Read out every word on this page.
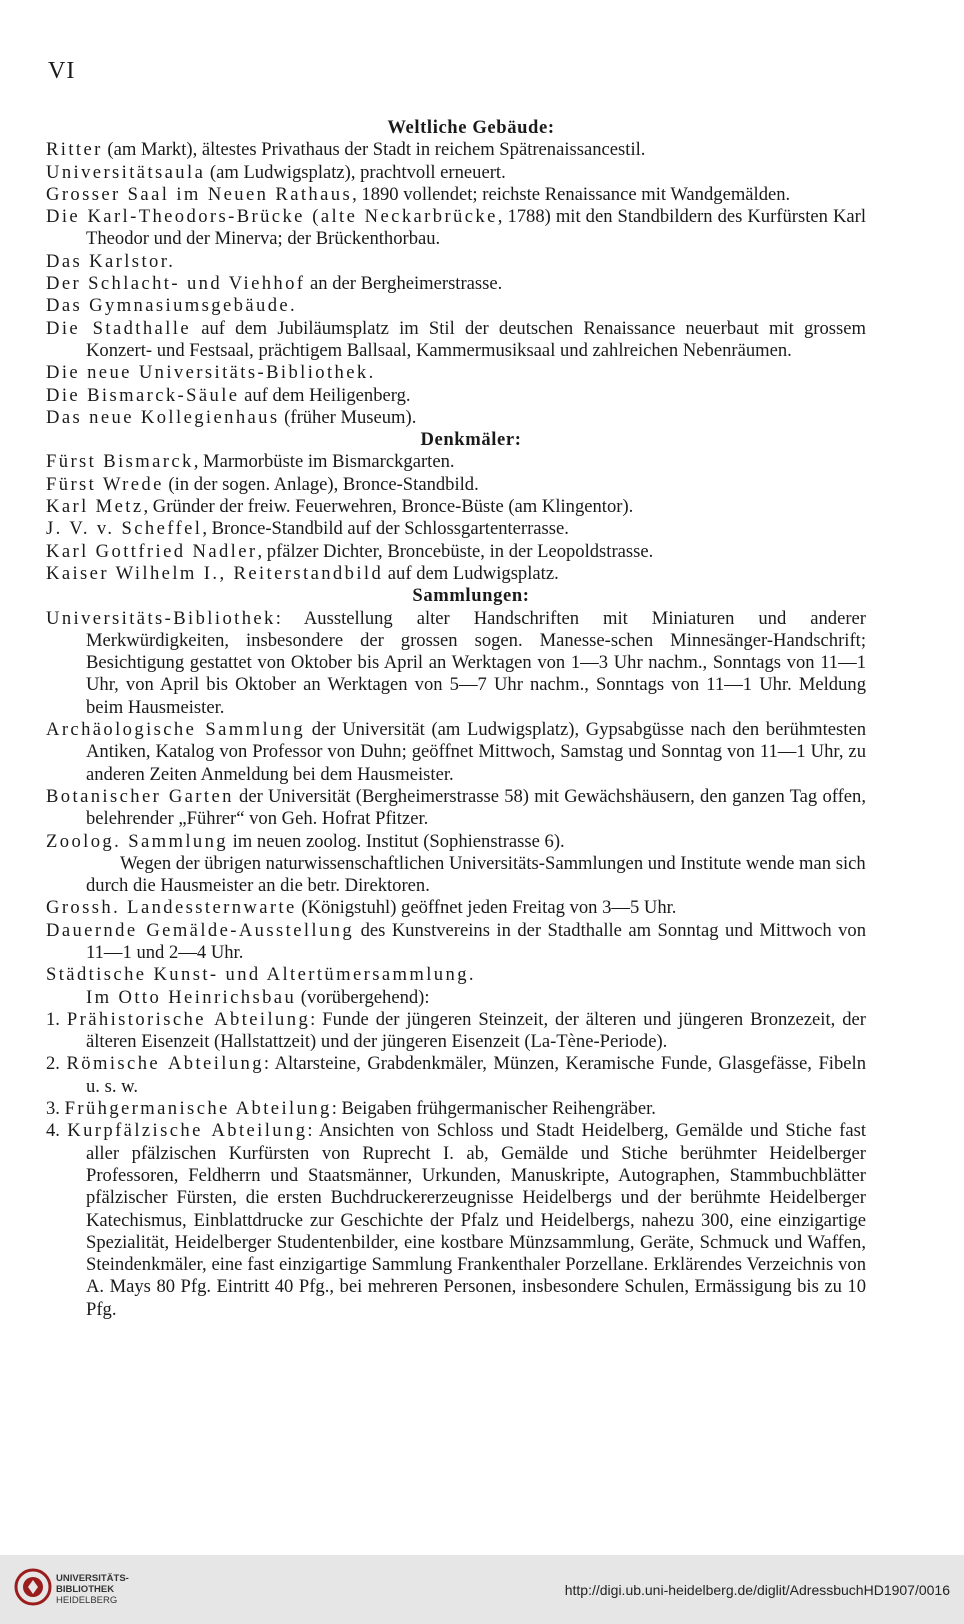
VI
Weltliche Gebäude:
Ritter (am Markt), ältestes Privathaus der Stadt in reichem Spätrenaissancestil.
Universitätsaula (am Ludwigsplatz), prachtvoll erneuert.
Grosser Saal im Neuen Rathaus, 1890 vollendet; reichste Renaissance mit Wandgemälden.
Die Karl-Theodors-Brücke (alte Neckarbrücke, 1788) mit den Standbildern des Kurfürsten Karl Theodor und der Minerva; der Brückenthorbau.
Das Karlstor.
Der Schlacht- und Viehhof an der Bergheimerstrasse.
Das Gymnasiumsgebäude.
Die Stadthalle auf dem Jubiläumsplatz im Stil der deutschen Renaissance neuerbaut mit grossem Konzert- und Festsaal, prächtigem Ballsaal, Kammermusiksaal und zahlreichen Nebenräumen.
Die neue Universitäts-Bibliothek.
Die Bismarck-Säule auf dem Heiligenberg.
Das neue Kollegienhaus (früher Museum).
Denkmäler:
Fürst Bismarck, Marmorbüste im Bismarckgarten.
Fürst Wrede (in der sogen. Anlage), Bronce-Standbild.
Karl Metz, Gründer der freiw. Feuerwehren, Bronce-Büste (am Klingentor).
J. V. v. Scheffel, Bronce-Standbild auf der Schlossgartenterrasse.
Karl Gottfried Nadler, pfälzer Dichter, Broncebüste, in der Leopoldstrasse.
Kaiser Wilhelm I., Reiterstandbild auf dem Ludwigsplatz.
Sammlungen:
Universitäts-Bibliothek: Ausstellung alter Handschriften mit Miniaturen und anderer Merkwürdigkeiten, insbesondere der grossen sogen. Manesse-schen Minnesänger-Handschrift; Besichtigung gestattet von Oktober bis April an Werktagen von 1—3 Uhr nachm., Sonntags von 11—1 Uhr, von April bis Oktober an Werktagen von 5—7 Uhr nachm., Sonntags von 11—1 Uhr. Meldung beim Hausmeister.
Archäologische Sammlung der Universität (am Ludwigsplatz), Gypsabgüsse nach den berühmtesten Antiken, Katalog von Professor von Duhn; geöffnet Mittwoch, Samstag und Sonntag von 11—1 Uhr, zu anderen Zeiten Anmeldung bei dem Hausmeister.
Botanischer Garten der Universität (Bergheimerstrasse 58) mit Gewächshäusern, den ganzen Tag offen, belehrender „Führer“ von Geh. Hofrat Pfitzer.
Zoolog. Sammlung im neuen zoolog. Institut (Sophienstrasse 6).
Wegen der übrigen naturwissenschaftlichen Universitäts-Sammlungen und Institute wende man sich durch die Hausmeister an die betr. Direktoren.
Grossh. Landessternwarte (Königstuhl) geöffnet jeden Freitag von 3—5 Uhr.
Dauernde Gemälde-Ausstellung des Kunstvereins in der Stadthalle am Sonntag und Mittwoch von 11—1 und 2—4 Uhr.
Städtische Kunst- und Altertümersammlung.
Im Otto Heinrichsbau (vorübergehend):
1. Prähistorische Abteilung: Funde der jüngeren Steinzeit, der älteren und jüngeren Bronzezeit, der älteren Eisenzeit (Hallstattzeit) und der jüngeren Eisenzeit (La-Tène-Periode).
2. Römische Abteilung: Altarsteine, Grabdenkmäler, Münzen, Keramische Funde, Glasgefässe, Fibeln u. s. w.
3. Frühgermanische Abteilung: Beigaben frühgermanischer Reihengräber.
4. Kurpfälzische Abteilung: Ansichten von Schloss und Stadt Heidelberg, Gemälde und Stiche fast aller pfälzischen Kurfürsten von Ruprecht I. ab, Gemälde und Stiche berühmter Heidelberger Professoren, Feldherrn und Staatsmänner, Urkunden, Manuskripte, Autographen, Stammbuchblätter pfälzischer Fürsten, die ersten Buchdruckererzeugnisse Heidelbergs und der berühmte Heidelberger Katechismus, Einblattdrucke zur Geschichte der Pfalz und Heidelbergs, nahezu 300, eine einzigartige Spezialität, Heidelberger Studentenbilder, eine kostbare Münzsammlung, Geräte, Schmuck und Waffen, Steindenkmäler, eine fast einzigartige Sammlung Frankenthaler Porzellane. Erklärendes Verzeichnis von A. Mays 80 Pfg. Eintritt 40 Pfg., bei mehreren Personen, insbesondere Schulen, Ermässigung bis zu 10 Pfg.
UNIVERSITÄTS-
BIBLIOTHEK
HEIDELBERG
http://digi.ub.uni-heidelberg.de/diglit/AdressbuchHD1907/0016
